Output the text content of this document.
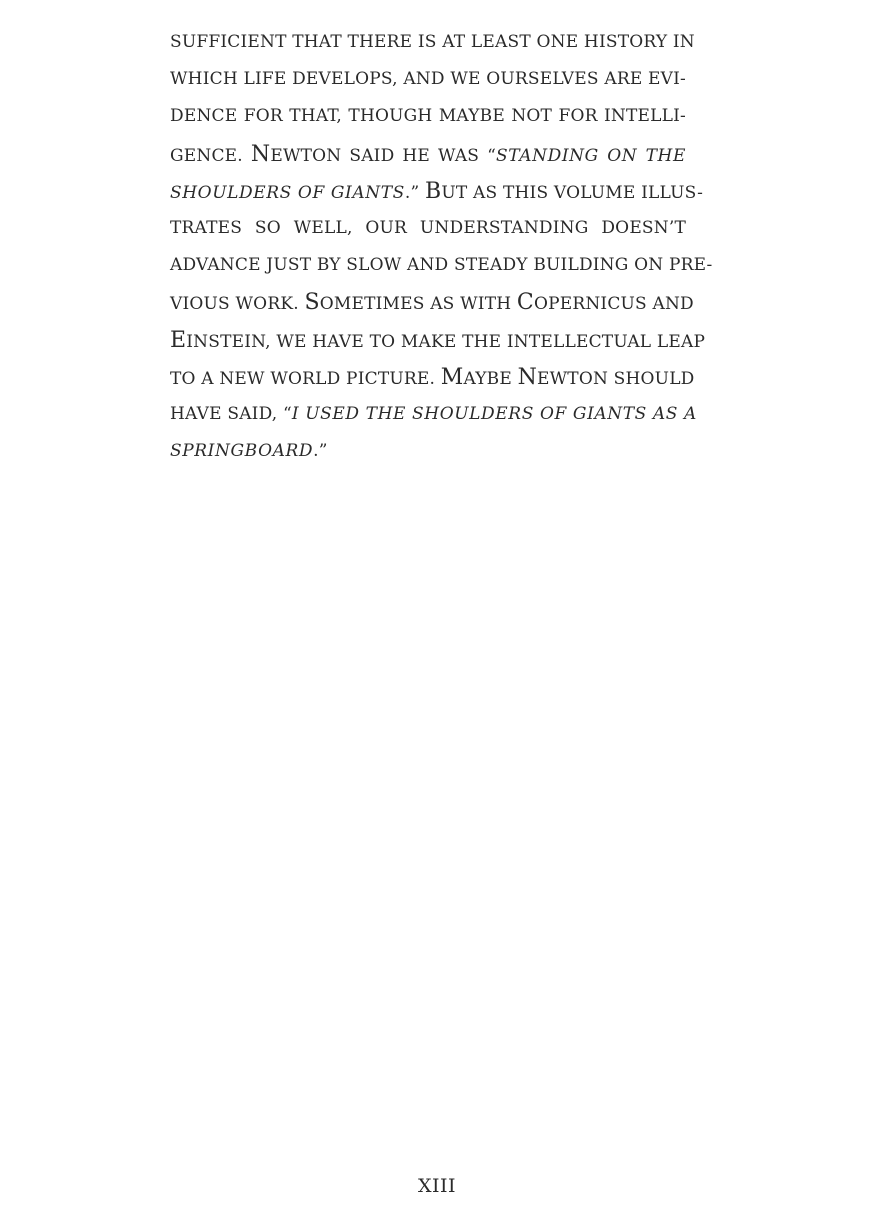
SUFFICIENT THAT THERE IS AT LEAST ONE HISTORY IN
WHICH LIFE DEVELOPS, AND WE OURSELVES ARE EVI-
DENCE FOR THAT, THOUGH MAYBE NOT FOR INTELLI-
GENCE. NEWTON SAID HE WAS “STANDING ON THE
SHOULDERS OF GIANTS.” BUT AS THIS VOLUME ILLUS-
TRATES SO WELL, OUR UNDERSTANDING DOESN’T
ADVANCE JUST BY SLOW AND STEADY BUILDING ON PRE-
VIOUS WORK. SOMETIMES AS WITH COPERNICUS AND
EINSTEIN, WE HAVE TO MAKE THE INTELLECTUAL LEAP
TO A NEW WORLD PICTURE. MAYBE NEWTON SHOULD
HAVE SAID, “I USED THE SHOULDERS OF GIANTS AS A
SPRINGBOARD.”
XIII
